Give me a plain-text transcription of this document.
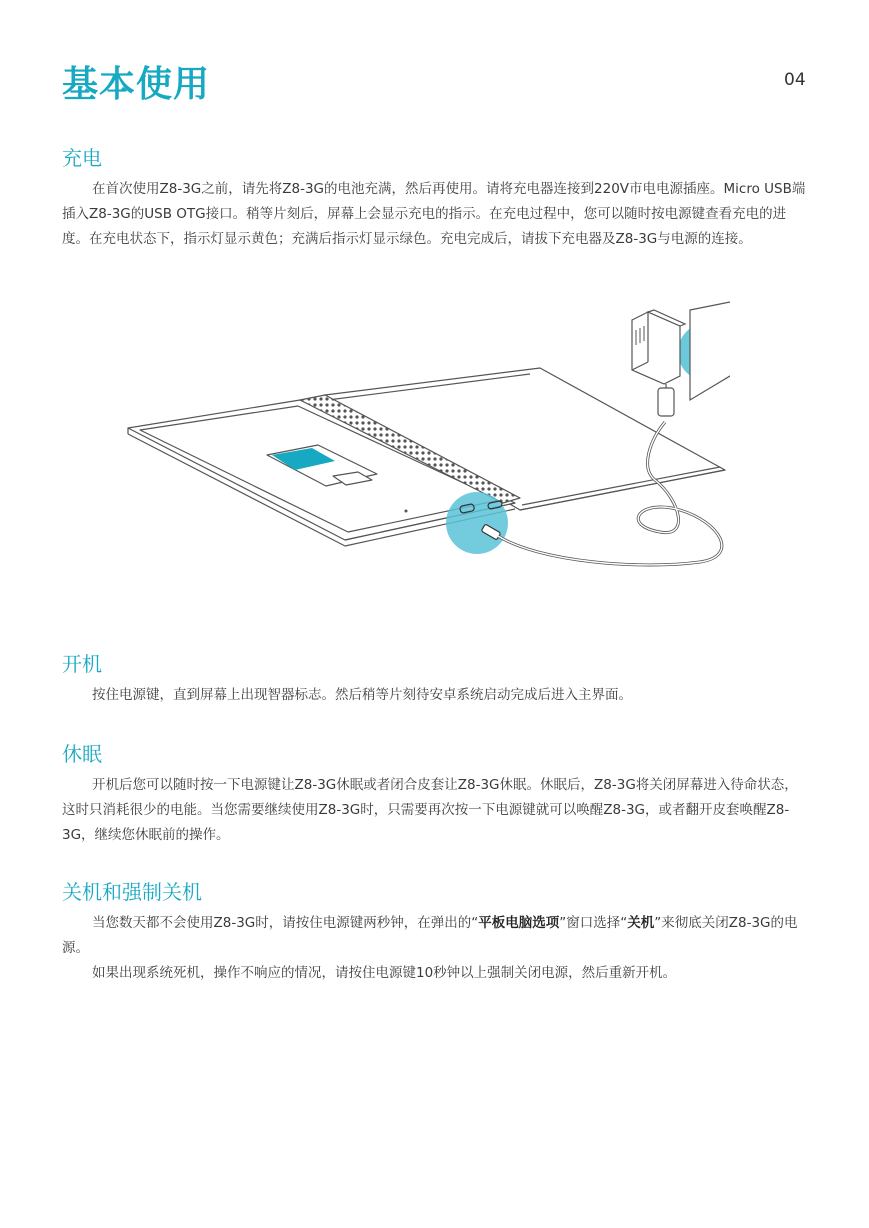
基本使用	04
充电

在首次使用Z8-3G之前，请先将Z8-3G的电池充满，然后再使用。请将充电器连接到220V市电电源插座。Micro USB端插入Z8-3G的USB OTG接口。稍等片刻后，屏幕上会显示充电的指示。在充电过程中，您可以随时按电源键查看充电的进度。在充电状态下，指示灯显示黄色；充满后指示灯显示绿色。充电完成后，请拔下充电器及Z8-3G与电源的连接。

开机

按住电源键，直到屏幕上出现智器标志。然后稍等片刻待安卓系统启动完成后进入主界面。

休眠

开机后您可以随时按一下电源键让Z8-3G休眠或者闭合皮套让Z8-3G休眠。休眠后，Z8-3G将关闭屏幕进入待命状态，这时只消耗很少的电能。当您需要继续使用Z8-3G时，只需要再次按一下电源键就可以唤醒Z8-3G，或者翻开皮套唤醒Z8-3G，继续您休眠前的操作。

关机和强制关机

当您数天都不会使用Z8-3G时，请按住电源键两秒钟，在弹出的“平板电脑选项”窗口选择“关机”来彻底关闭Z8-3G的电源。

如果出现系统死机，操作不响应的情况，请按住电源键10秒钟以上强制关闭电源，然后重新开机。
